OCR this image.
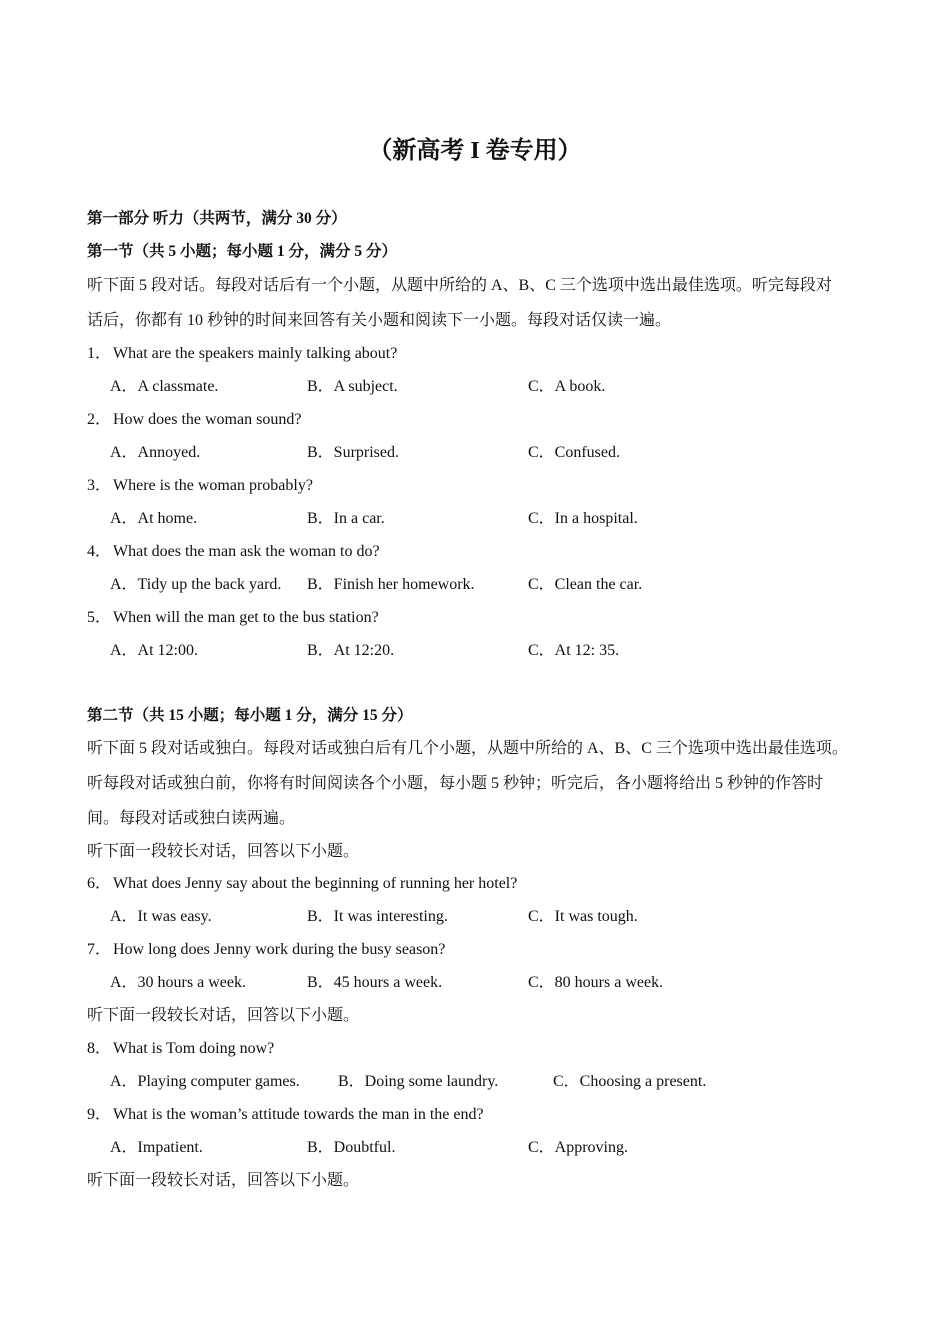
（新高考 I 卷专用）
第一部分 听力（共两节，满分 30 分）
第一节（共 5 小题；每小题 1 分，满分 5 分）
听下面 5 段对话。每段对话后有一个小题，从题中所给的 A、B、C 三个选项中选出最佳选项。听完每段对
话后，你都有 10 秒钟的时间来回答有关小题和阅读下一小题。每段对话仅读一遍。
1． What are the speakers mainly talking about?
A．A classmate.	B．A subject.	C．A book.
2． How does the woman sound?
A．Annoyed.	B．Surprised.	C．Confused.
3． Where is the woman probably?
A．At home.	B．In a car.	C．In a hospital.
4． What does the man ask the woman to do?
A．Tidy up the back yard. B．Finish her homework.	C．Clean the car.
5． When will the man get to the bus station?
A．At 12:00.	B．At 12:20.	C．At 12: 35.
第二节（共 15 小题；每小题 1 分，满分 15 分）
听下面 5 段对话或独白。每段对话或独白后有几个小题，从题中所给的 A、B、C 三个选项中选出最佳选项。
听每段对话或独白前，你将有时间阅读各个小题，每小题 5 秒钟；听完后，各小题将给出 5 秒钟的作答时
间。每段对话或独白读两遍。
听下面一段较长对话，回答以下小题。
6． What does Jenny say about the beginning of running her hotel?
A．It was easy.	B．It was interesting.	C．It was tough.
7． How long does Jenny work during the busy season?
A．30 hours a week.	B．45 hours a week.	C．80 hours a week.
听下面一段较长对话，回答以下小题。
8． What is Tom doing now?
A．Playing computer games. B．Doing some laundry.	C．Choosing a present.
9． What is the woman’s attitude towards the man in the end?
A．Impatient.	B．Doubtful.	C．Approving.
听下面一段较长对话，回答以下小题。
